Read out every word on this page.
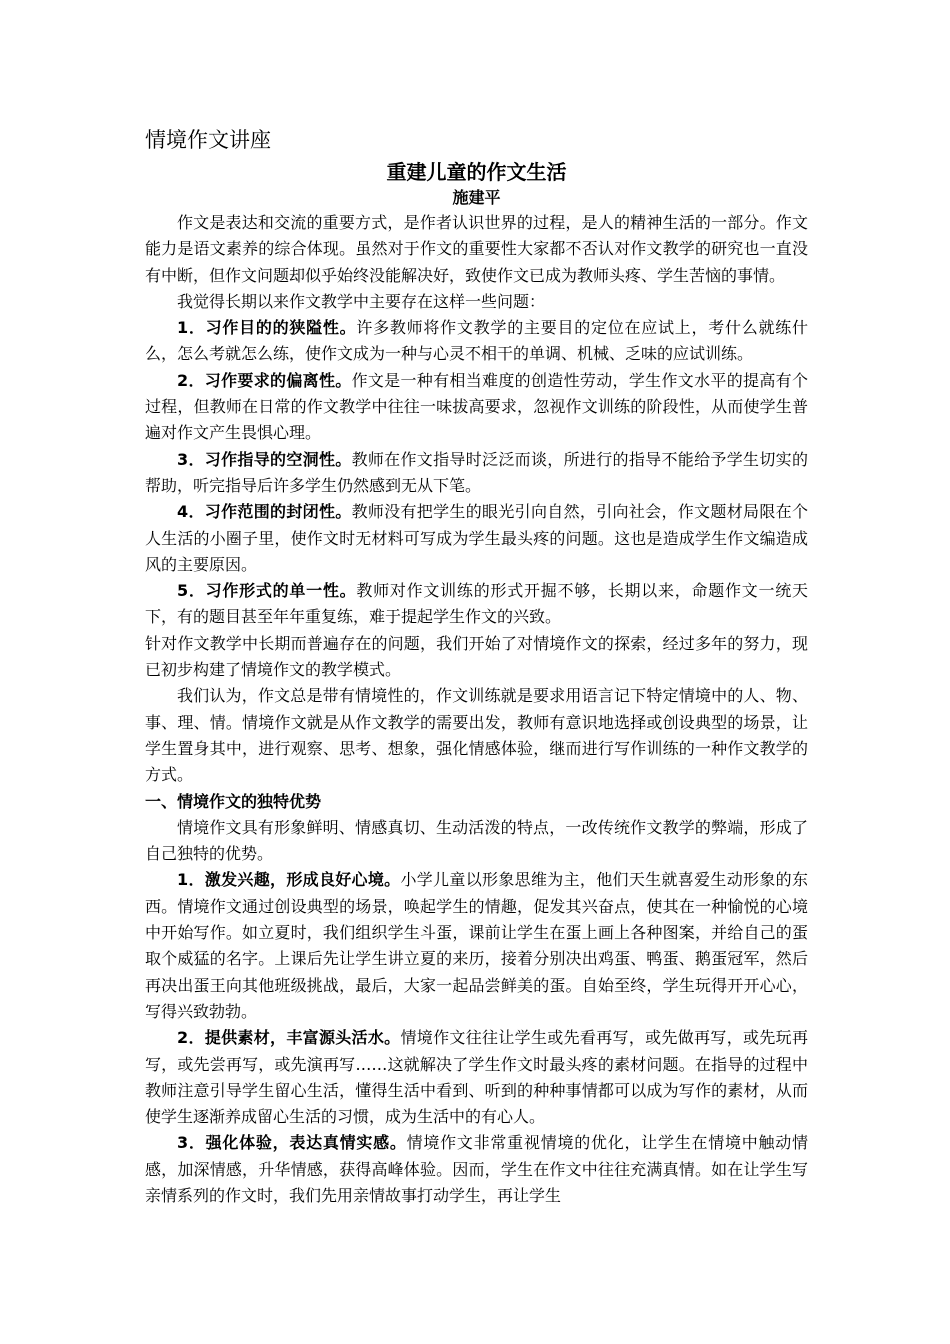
情境作文讲座
重建儿童的作文生活
施建平

作文是表达和交流的重要方式，是作者认识世界的过程，是人的精神生活的一部分。作文能力是语文素养的综合体现。虽然对于作文的重要性大家都不否认对作文教学的研究也一直没有中断，但作文问题却似乎始终没能解决好，致使作文已成为教师头疼、学生苦恼的事情。

我觉得长期以来作文教学中主要存在这样一些问题：

1．习作目的的狭隘性。许多教师将作文教学的主要目的定位在应试上，考什么就练什么，怎么考就怎么练，使作文成为一种与心灵不相干的单调、机械、乏味的应试训练。

2．习作要求的偏离性。作文是一种有相当难度的创造性劳动，学生作文水平的提高有个过程，但教师在日常的作文教学中往往一味拔高要求，忽视作文训练的阶段性，从而使学生普遍对作文产生畏惧心理。

3．习作指导的空洞性。教师在作文指导时泛泛而谈，所进行的指导不能给予学生切实的帮助，听完指导后许多学生仍然感到无从下笔。

4．习作范围的封闭性。教师没有把学生的眼光引向自然，引向社会，作文题材局限在个人生活的小圈子里，使作文时无材料可写成为学生最头疼的问题。这也是造成学生作文编造成风的主要原因。

5．习作形式的单一性。教师对作文训练的形式开掘不够，长期以来，命题作文一统天下，有的题目甚至年年重复练，难于提起学生作文的兴致。

针对作文教学中长期而普遍存在的问题，我们开始了对情境作文的探索，经过多年的努力，现已初步构建了情境作文的教学模式。

我们认为，作文总是带有情境性的，作文训练就是要求用语言记下特定情境中的人、物、事、理、情。情境作文就是从作文教学的需要出发，教师有意识地选择或创设典型的场景，让学生置身其中，进行观察、思考、想象，强化情感体验，继而进行写作训练的一种作文教学的方式。

一、情境作文的独特优势

情境作文具有形象鲜明、情感真切、生动活泼的特点，一改传统作文教学的弊端，形成了自己独特的优势。

1．激发兴趣，形成良好心境。小学儿童以形象思维为主，他们天生就喜爱生动形象的东西。情境作文通过创设典型的场景，唤起学生的情趣，促发其兴奋点，使其在一种愉悦的心境中开始写作。如立夏时，我们组织学生斗蛋，课前让学生在蛋上画上各种图案，并给自己的蛋取个威猛的名字。上课后先让学生讲立夏的来历，接着分别决出鸡蛋、鸭蛋、鹅蛋冠军，然后再决出蛋王向其他班级挑战，最后，大家一起品尝鲜美的蛋。自始至终，学生玩得开开心心，写得兴致勃勃。

2．提供素材，丰富源头活水。情境作文往往让学生或先看再写，或先做再写，或先玩再写，或先尝再写，或先演再写……这就解决了学生作文时最头疼的素材问题。在指导的过程中教师注意引导学生留心生活，懂得生活中看到、听到的种种事情都可以成为写作的素材，从而使学生逐渐养成留心生活的习惯，成为生活中的有心人。

3．强化体验，表达真情实感。情境作文非常重视情境的优化，让学生在情境中触动情感，加深情感，升华情感，获得高峰体验。因而，学生在作文中往往充满真情。如在让学生写亲情系列的作文时，我们先用亲情故事打动学生，再让学生
